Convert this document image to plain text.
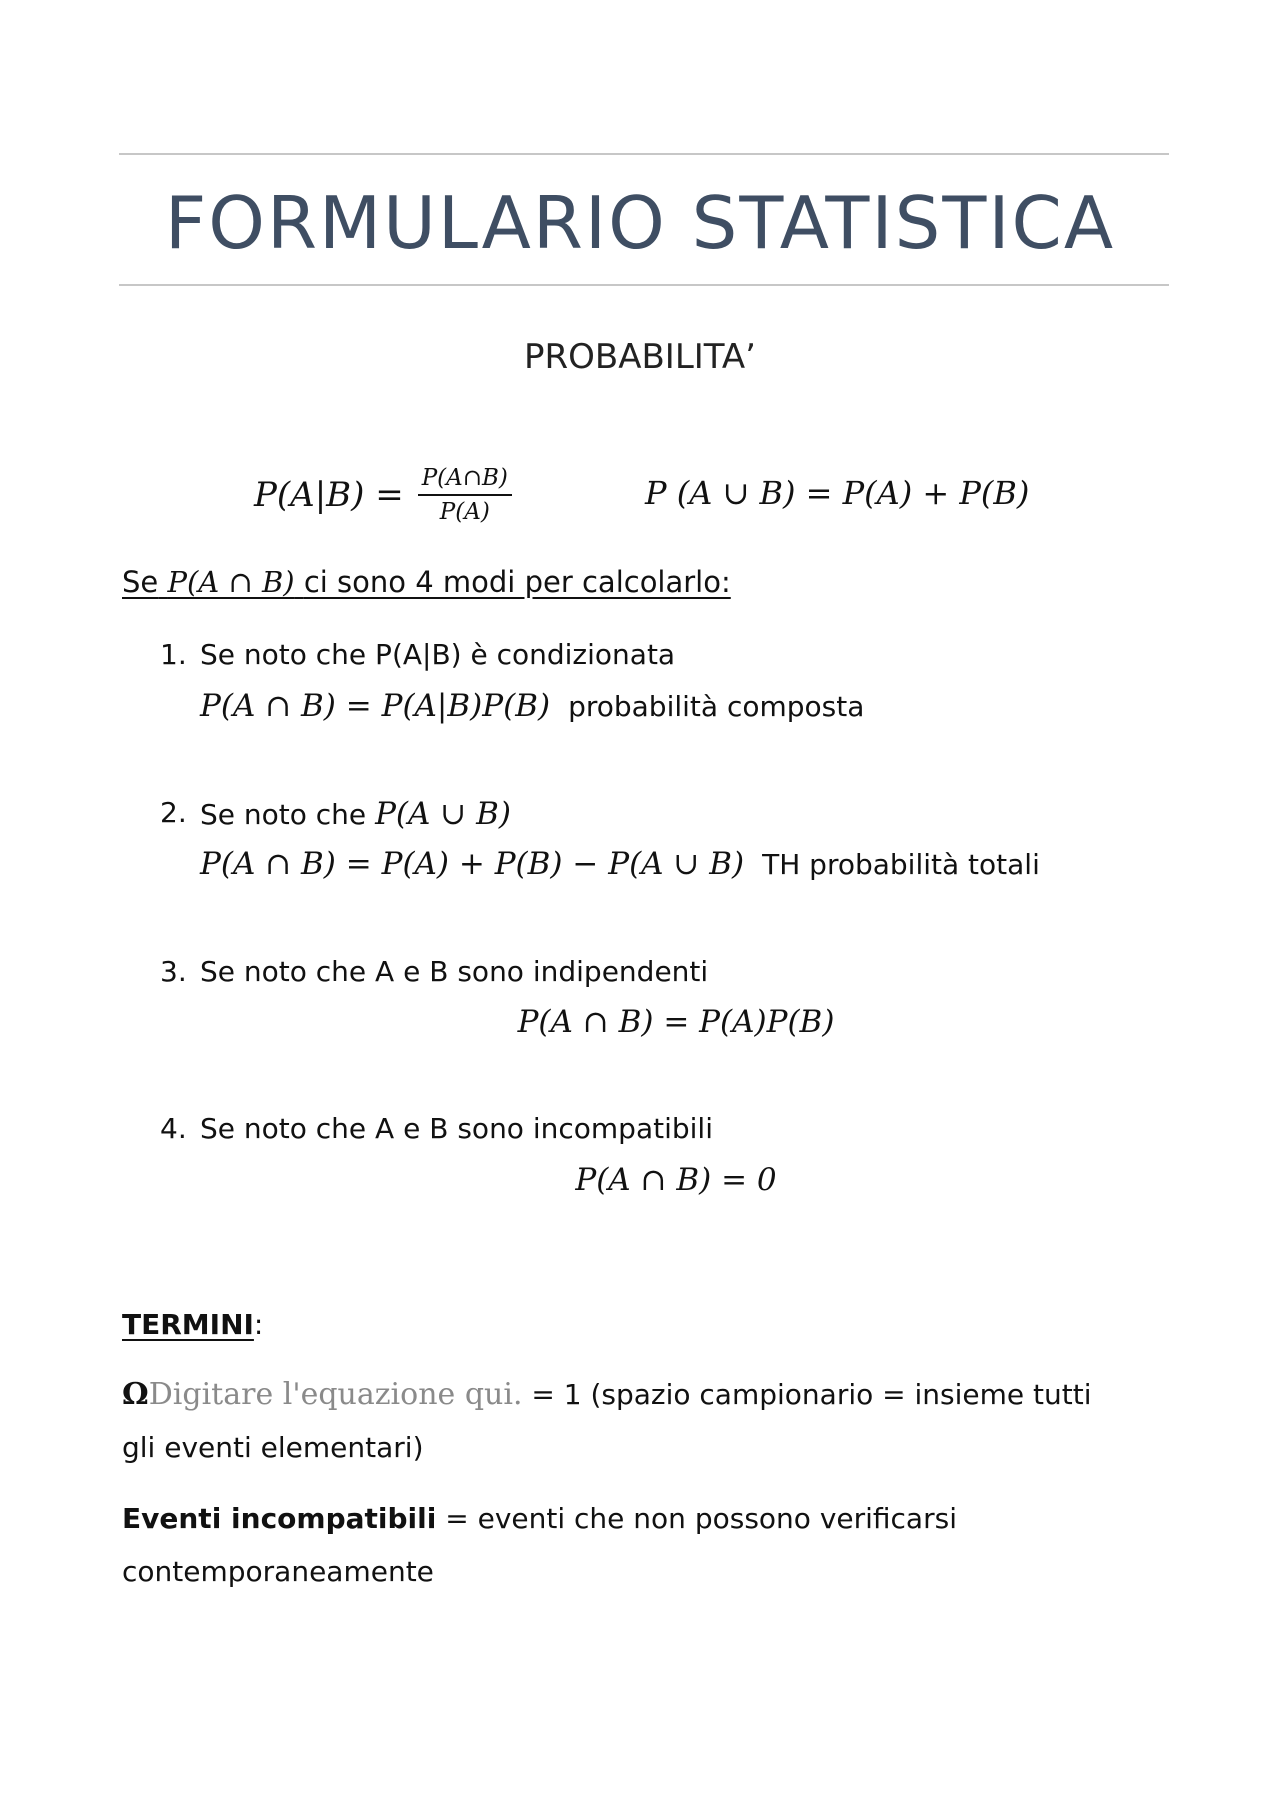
FORMULARIO STATISTICA
PROBABILITA’
$P(A|B) = \frac{P(A\cap B)}{P(A)}$	P (A ∪ B) = P(A) + P(B)
Se P(A ∩ B) ci sono 4 modi per calcolarlo:
1. Se noto che P(A|B) è condizionata
P(A ∩ B) = P(A|B)P(B) probabilità composta
2. Se noto che P(A ∪ B)
P(A ∩ B) = P(A) + P(B) − P(A ∪ B) TH probabilità totali
3. Se noto che A e B sono indipendenti
P(A ∩ B) = P(A)P(B)
4. Se noto che A e B sono incompatibili
P(A ∩ B) = 0
TERMINI:
ΩDigitare l'equazione qui. = 1 (spazio campionario = insieme tutti gli eventi elementari)
Eventi incompatibili = eventi che non possono verificarsi contemporaneamente
